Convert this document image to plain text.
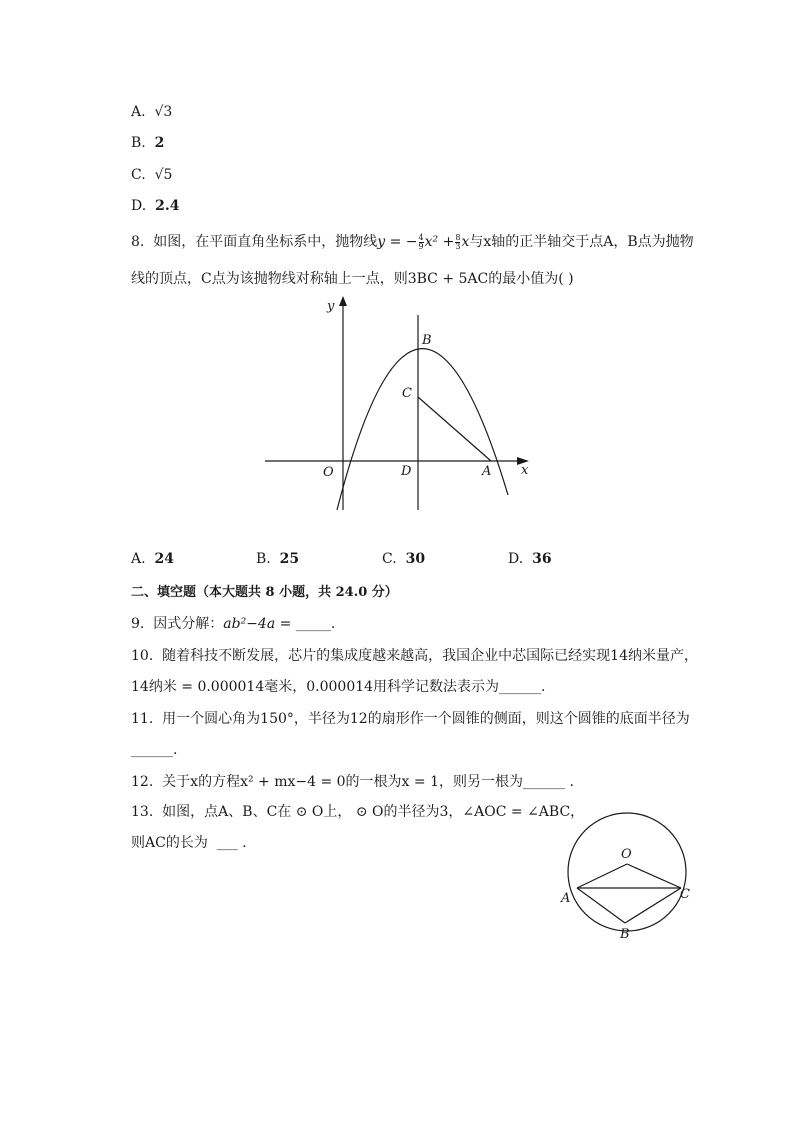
A. √3
B. 2
C. √5
D. 2.4
8. 如图，在平面直角坐标系中，抛物线y = − $\frac{4}{9} x^2 + \frac{8}{3}$ x与x轴的正半轴交于点A，B点为抛物
线的顶点，C点为该抛物线对称轴上一点，则3BC + 5AC的最小值为( )
y
x
B
C
O	D	A
A. 24	B. 25	C. 30	D. 36
二、填空题（本大题共 8 小题，共 24.0 分）
9. 因式分解：ab²−4a = _____.
10. 随着科技不断发展，芯片的集成度越来越高，我国企业中芯国际已经实现14纳米量产，
14纳米 = 0.000014毫米，0.000014用科学记数法表示为______.
11. 用一个圆心角为150°，半径为12的扇形作一个圆锥的侧面，则这个圆锥的底面半径为
______.
12. 关于x的方程x² + mx−4 = 0的一根为x = 1，则另一根为______ .
13. 如图，点A、B、C在 ⊙ O上， ⊙ O的半径为3，∠AOC = ∠ABC，
则AC的长为 ___ .
O
A
B
C
